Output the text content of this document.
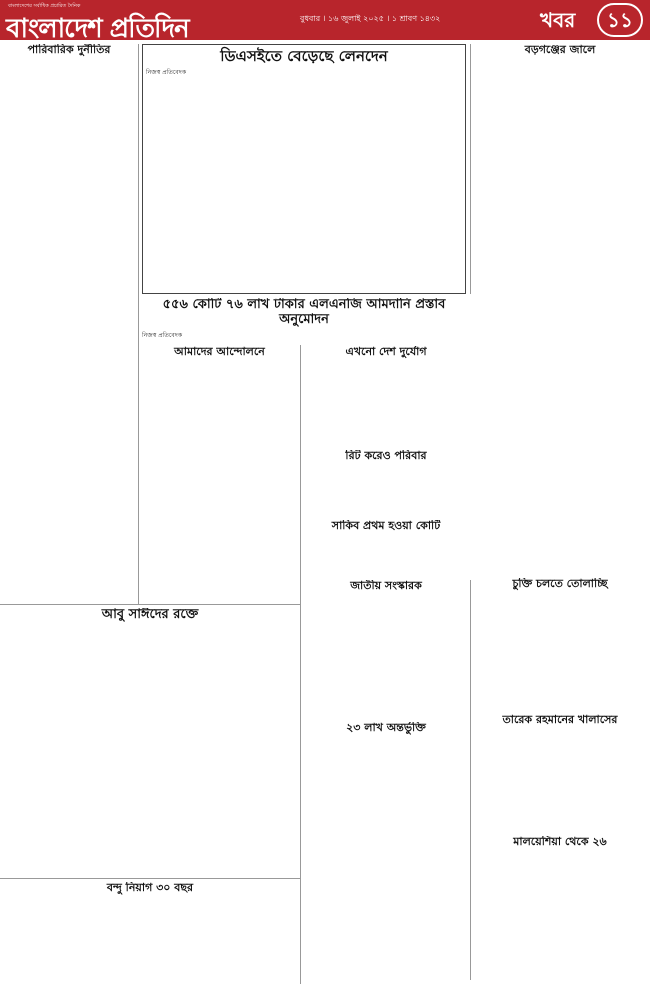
বাংলাদেশের সর্বাধিক প্রচারিত দৈনিক
বাংলাদেশ প্রতিদিন	বুধবার । ১৬ জুলাই ২০২৫ । ১ শ্রাবণ ১৪৩২	খবর	১১
পারিবারিক দুর্নীতির	ডিএসইতে বেড়েছে লেনদেন
নিজস্ব প্রতিবেদক

বড়গঞ্জের জালে

৫৫৬ কোটি ৭৬ লাখ টাকার এলএনজি আমদানি প্রস্তাব অনুমোদন
নিজস্ব প্রতিবেদক

আমাদের আন্দোলনে	এখনো দেশ দুর্যোগ

রিট করেও পরিবার

সাকিব প্রথম হওয়া কোটি

আবু সাঈদের রক্তে

বন্দু নিয়াগ ৩০ বছর

জাতীয় সংস্কারক

২৩ লাখ অন্তর্ভুক্তি

চুক্তি চলতে তোলাচ্ছি

তারেক রহমানের খালাসের

মালয়েশিয়া থেকে ২৬
